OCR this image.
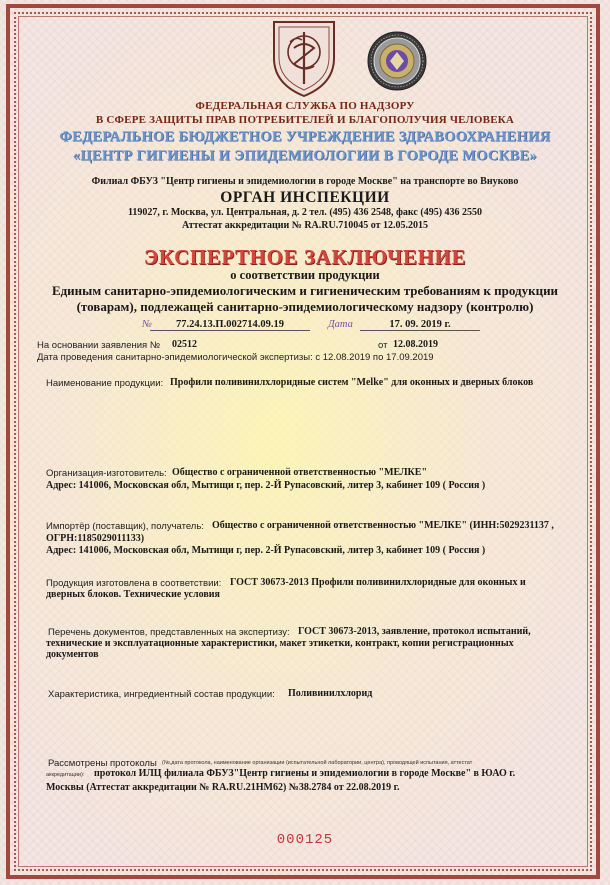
ФЕДЕРАЛЬНАЯ СЛУЖБА ПО НАДЗОРУ
В СФЕРЕ ЗАЩИТЫ ПРАВ ПОТРЕБИТЕЛЕЙ И БЛАГОПОЛУЧИЯ ЧЕЛОВЕКА
ФЕДЕРАЛЬНОЕ БЮДЖЕТНОЕ УЧРЕЖДЕНИЕ ЗДРАВООХРАНЕНИЯ
«ЦЕНТР ГИГИЕНЫ И ЭПИДЕМИОЛОГИИ В ГОРОДЕ МОСКВЕ»
Филиал ФБУЗ "Центр гигиены и эпидемиологии в городе Москве" на транспорте во Внуково
ОРГАН ИНСПЕКЦИИ
119027, г. Москва, ул. Центральная, д. 2 тел. (495) 436 2548, факс (495) 436 2550
Аттестат аккредитации № RA.RU.710045 от 12.05.2015
ЭКСПЕРТНОЕ ЗАКЛЮЧЕНИЕ
о соответствии продукции
Единым санитарно-эпидемиологическим и гигиеническим требованиям к продукции
(товарам), подлежащей санитарно-эпидемиологическому надзору (контролю)
№	77.24.13.П.002714.09.19	Дата	17. 09. 2019 г.
На основании заявления № 02512	от 12.08.2019
Дата проведения санитарно-эпидемиологической экспертизы: с 12.08.2019 по 17.09.2019
Наименование продукции: Профили поливинилхлоридные систем "Melke" для оконных и дверных блоков
Организация-изготовитель: Общество с ограниченной ответственностью "МЕЛКЕ"
Адрес: 141006, Московская обл, Мытищи г, пер. 2-Й Рупасовский, литер 3, кабинет 109 ( Россия )
Импортёр (поставщик), получатель: Общество с ограниченной ответственностью "МЕЛКЕ" (ИНН:5029231137 ,
ОГРН:1185029011133)
Адрес: 141006, Московская обл, Мытищи г, пер. 2-Й Рупасовский, литер 3, кабинет 109 ( Россия )
Продукция изготовлена в соответствии: ГОСТ 30673-2013 Профили поливинилхлоридные для оконных и
дверных блоков. Технические условия
Перечень документов, представленных на экспертизу: ГОСТ 30673-2013, заявление, протокол испытаний,
технические и эксплуатационные характеристики, макет этикетки, контракт, копии регистрационных
документов
Характеристика, ингредиентный состав продукции: Поливинилхлорид
Рассмотрены протоколы (№,дата протокола, наименование организации (испытательной лаборатории, центра), проводящей испытания, аттестат
аккредитации): протокол ИЛЦ филиала ФБУЗ"Центр гигиены и эпидемиологии в городе Москве" в ЮАО г.
Москвы (Аттестат аккредитации № RA.RU.21НМ62) №38.2784 от 22.08.2019 г.
000125
